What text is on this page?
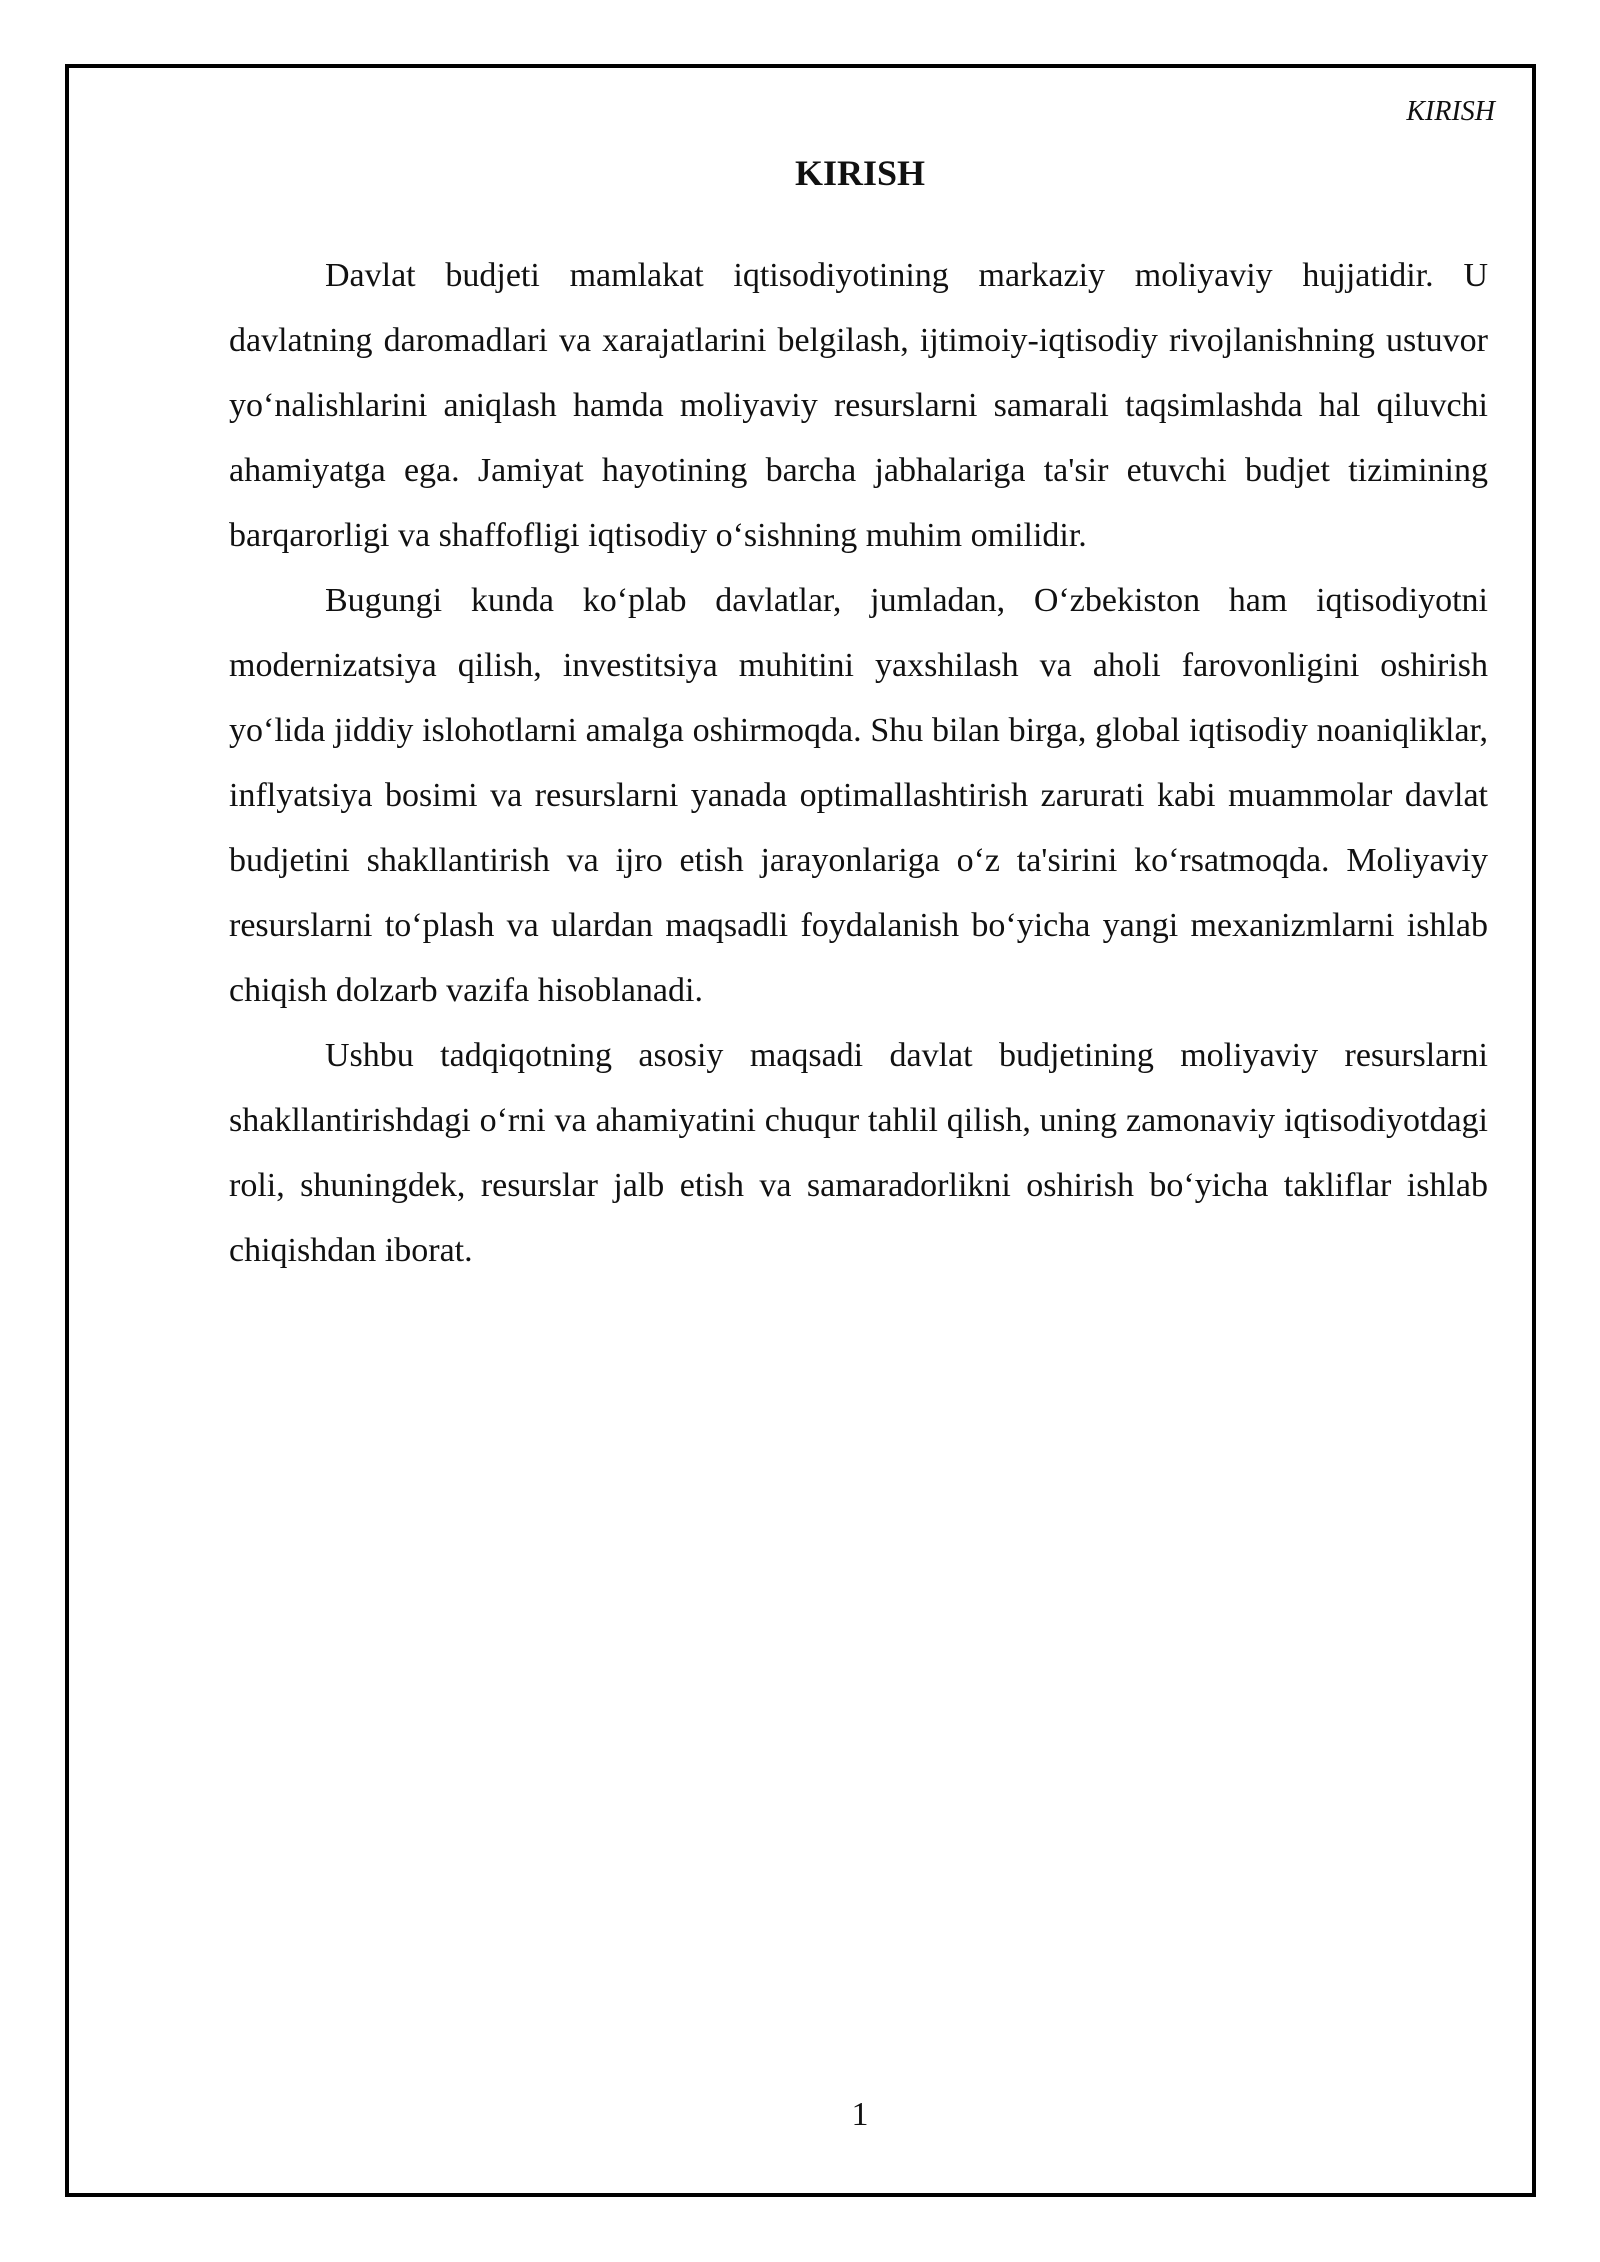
KIRISH
KIRISH

Davlat budjeti mamlakat iqtisodiyotining markaziy moliyaviy hujjatidir. U davlatning daromadlari va xarajatlarini belgilash, ijtimoiy-iqtisodiy rivojlanishning ustuvor yo‘nalishlarini aniqlash hamda moliyaviy resurslarni samarali taqsimlashda hal qiluvchi ahamiyatga ega. Jamiyat hayotining barcha jabhalariga ta'sir etuvchi budjet tizimining barqarorligi va shaffofligi iqtisodiy o‘sishning muhim omilidir.

Bugungi kunda ko‘plab davlatlar, jumladan, O‘zbekiston ham iqtisodiyotni modernizatsiya qilish, investitsiya muhitini yaxshilash va aholi farovonligini oshirish yo‘lida jiddiy islohotlarni amalga oshirmoqda. Shu bilan birga, global iqtisodiy noaniqliklar, inflyatsiya bosimi va resurslarni yanada optimallashtirish zarurati kabi muammolar davlat budjetini shakllantirish va ijro etish jarayonlariga o‘z ta'sirini ko‘rsatmoqda. Moliyaviy resurslarni to‘plash va ulardan maqsadli foydalanish bo‘yicha yangi mexanizmlarni ishlab chiqish dolzarb vazifa hisoblanadi.

Ushbu tadqiqotning asosiy maqsadi davlat budjetining moliyaviy resurslarni shakllantirishdagi o‘rni va ahamiyatini chuqur tahlil qilish, uning zamonaviy iqtisodiyotdagi roli, shuningdek, resurslar jalb etish va samaradorlikni oshirish bo‘yicha takliflar ishlab chiqishdan iborat.

1
